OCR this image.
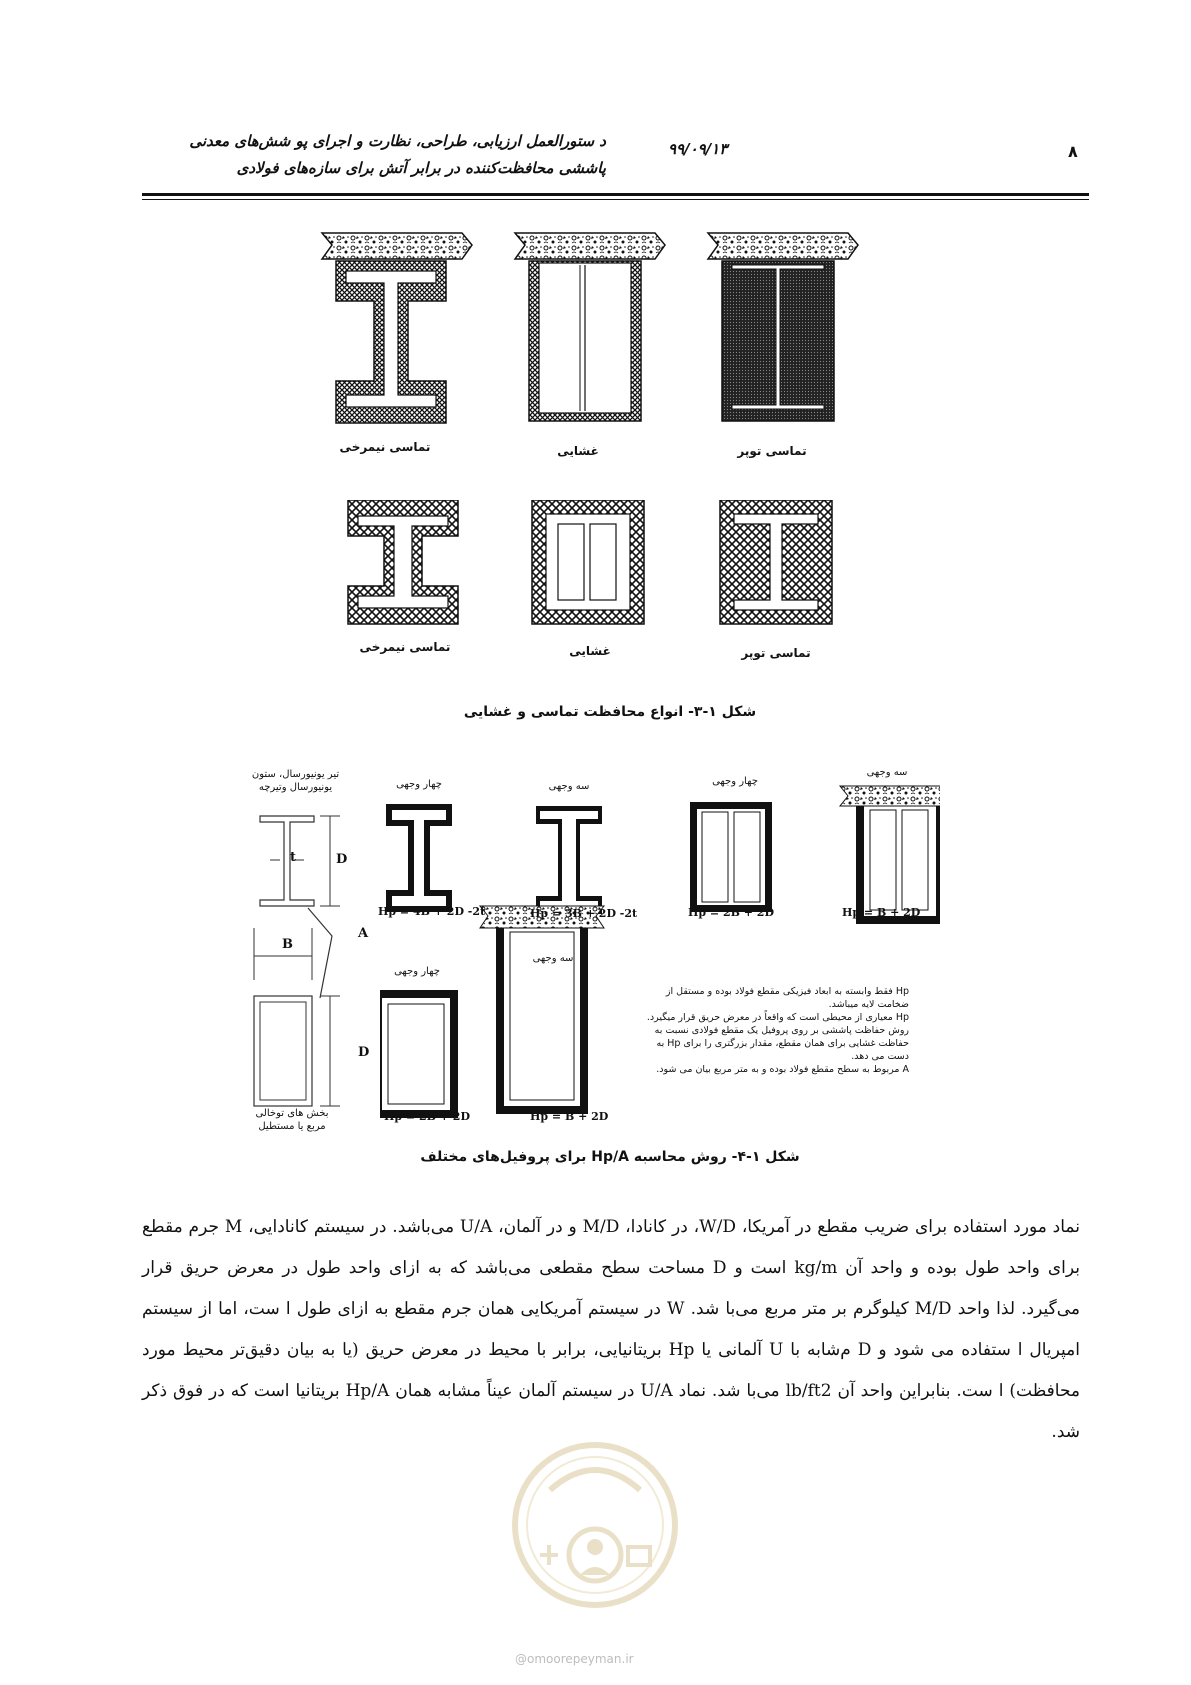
د ستورالعمل ارزیابی، طراحی، نظارت و اجرای پو شش‌های معدنی
پاششی محافظت‌کننده در برابر آتش برای سازه‌های فولادی
۹۹/۰۹/۱۳	۸
تماسی نیمرخی	غشایی	تماسی توپر
تماسی نیمرخی	غشایی	تماسی توپر
شکل ۱-۳- انواع محافظت تماسی و غشایی
تیر یونیورسال، ستون یونیورسال وتیرچه
D
t
B
A
D
بخش های توخالی مربع یا مستطیل
چهار وجهی	سه وجهی	چهار وجهی
سه وجهی
Hp = 4B + 2D -2t	Hp = 3B + 2D -2t	Hp = 2B + 2D	Hp = B + 2D
چهار وجهی
سه وجهی
Hp = 2B + 2D	Hp = B + 2D
Hp فقط وابسته به ابعاد فیزیکی مقطع فولاد بوده و مستقل از ضخامت لایه میباشد.
Hp معیاری از محیطی است که واقعاً در معرض حریق قرار میگیرد.
روش حفاظت پاششی بر روی پروفیل یک مقطع فولادی نسبت به حفاظت غشایی برای همان مقطع، مقدار بزرگتری را برای Hp به دست می دهد.
A مربوط به سطح مقطع فولاد بوده و به متر مربع بیان می شود.
شکل ۱-۴- روش محاسبه Hp/A برای پروفیل‌های مختلف

نماد مورد استفاده برای ضریب مقطع در آمریکا، W/D، در کانادا، M/D و در آلمان، U/A می‌باشد. در سیستم کانادایی، M جرم مقطع برای واحد طول بوده و واحد آن kg/m است و D مساحت سطح مقطعی می‌باشد که به ازای واحد طول در معرض حریق قرار می‌گیرد. لذا واحد M/D کیلوگرم بر متر مربع می‌با شد. W در سیستم آمریکایی همان جرم مقطع به ازای طول ا ست، اما از سیستم امپریال ا ستفاده می شود و D م‌شابه با U آلمانی یا Hp بریتانیایی، برابر با محیط در معرض حریق (یا به بیان دقیق‌تر محیط مورد محافظت) ا ست. بنابراین واحد آن lb/ft2 می‌با شد. نماد U/A در سیستم آلمان عیناً مشابه همان Hp/A بریتانیا است که در فوق ذکر شد.

@omoorepeyman.ir
